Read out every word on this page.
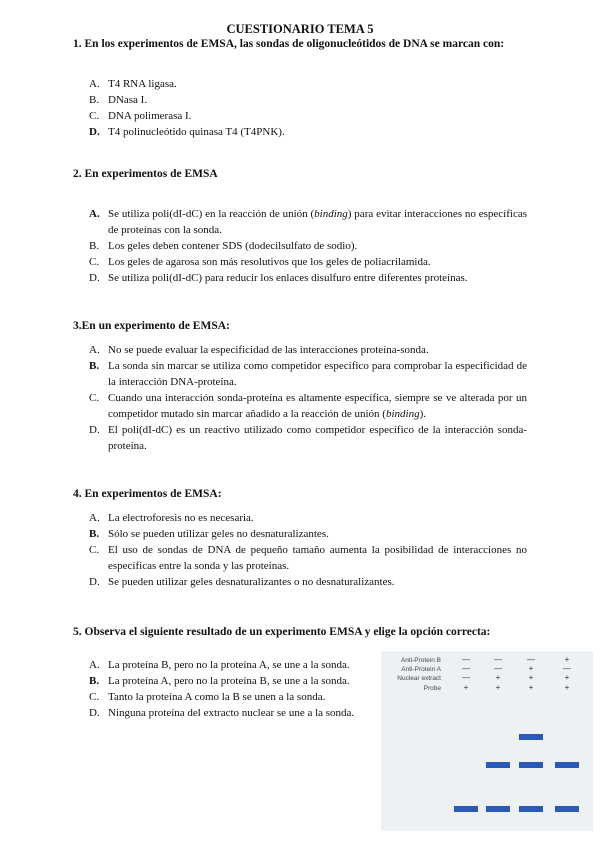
CUESTIONARIO TEMA 5
1. En los experimentos de EMSA, las sondas de oligonucleótidos de DNA se marcan con:
A. T4 RNA ligasa.
B. DNasa I.
C. DNA polimerasa I.
D. T4 polinucleótido quinasa T4 (T4PNK).
2. En experimentos de EMSA
A. Se utiliza poli(dI-dC) en la reacción de unión (binding) para evitar interacciones no específicas de proteínas con la sonda.
B. Los geles deben contener SDS (dodecilsulfato de sodio).
C. Los geles de agarosa son más resolutivos que los geles de poliacrilamida.
D. Se utiliza poli(dI-dC) para reducir los enlaces disulfuro entre diferentes proteínas.
3.En un experimento de EMSA:
A. No se puede evaluar la especificidad de las interacciones proteína-sonda.
B. La sonda sin marcar se utiliza como competidor específico para comprobar la especificidad de la interacción DNA-proteína.
C. Cuando una interacción sonda-proteína es altamente específica, siempre se ve alterada por un competidor mutado sin marcar añadido a la reacción de unión (binding).
D. El poli(dI-dC) es un reactivo utilizado como competidor específico de la interacción sonda-proteína.
4. En experimentos de EMSA:
A. La electroforesis no es necesaria.
B. Sólo se pueden utilizar geles no desnaturalizantes.
C. El uso de sondas de DNA de pequeño tamaño aumenta la posibilidad de interacciones no específicas entre la sonda y las proteínas.
D. Se pueden utilizar geles desnaturalizantes o no desnaturalizantes.
5. Observa el siguiente resultado de un experimento EMSA y elige la opción correcta:
A. La proteína B, pero no la proteína A, se une a la sonda.
B. La proteína A, pero no la proteína B, se une a la sonda.
C. Tanto la proteína A como la B se unen a la sonda.
D. Ninguna proteína del extracto nuclear se une a la sonda.
Anti-Protein B	—	—	—	+
Anti-Protein A	—	—	+	—
Nuclear extract	—	+	+	+
Probe	+	+	+	+
